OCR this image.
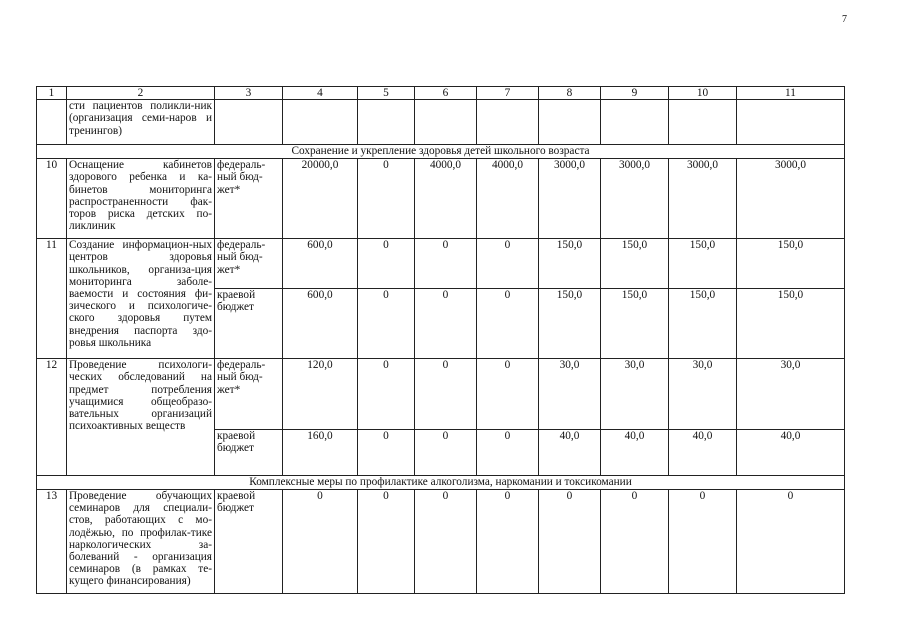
7
1	2	3	4	5	6	7	8	9	10	11
	сти пациентов поликли-ник (организация семи-наров и тренингов)									
Сохранение и укрепление здоровья детей школьного возраста										
10	Оснащение кабинетов здорового ребенка и ка-бинетов мониторинга распространенности фак-торов риска детских по-ликлиник	федераль-ный бюд-жет*	20000,0	0	4000,0	4000,0	3000,0	3000,0	3000,0	3000,0
11	Создание информацион-ных центров здоровья школьников, организа-ция мониторинга заболе-ваемости и состояния фи-зического и психологиче-ского здоровья путем внедрения паспорта здо-ровья школьника	федераль-ный бюд-жет*	600,0	0	0	0	150,0	150,0	150,0	150,0
		краевой бюджет	600,0	0	0	0	150,0	150,0	150,0	150,0
12	Проведение психологи-ческих обследований на предмет потребления учащимися общеобразо-вательных организаций психоактивных веществ	федераль-ный бюд-жет*	120,0	0	0	0	30,0	30,0	30,0	30,0
		краевой бюджет	160,0	0	0	0	40,0	40,0	40,0	40,0
Комплексные меры по профилактике алкоголизма, наркомании и токсикомании										
13	Проведение обучающих семинаров для специали-стов, работающих с мо-лодёжью, по профилак-тике наркологических за-болеваний - организация семинаров (в рамках те-кущего финансирования)	краевой бюджет	0	0	0	0	0	0	0	0
